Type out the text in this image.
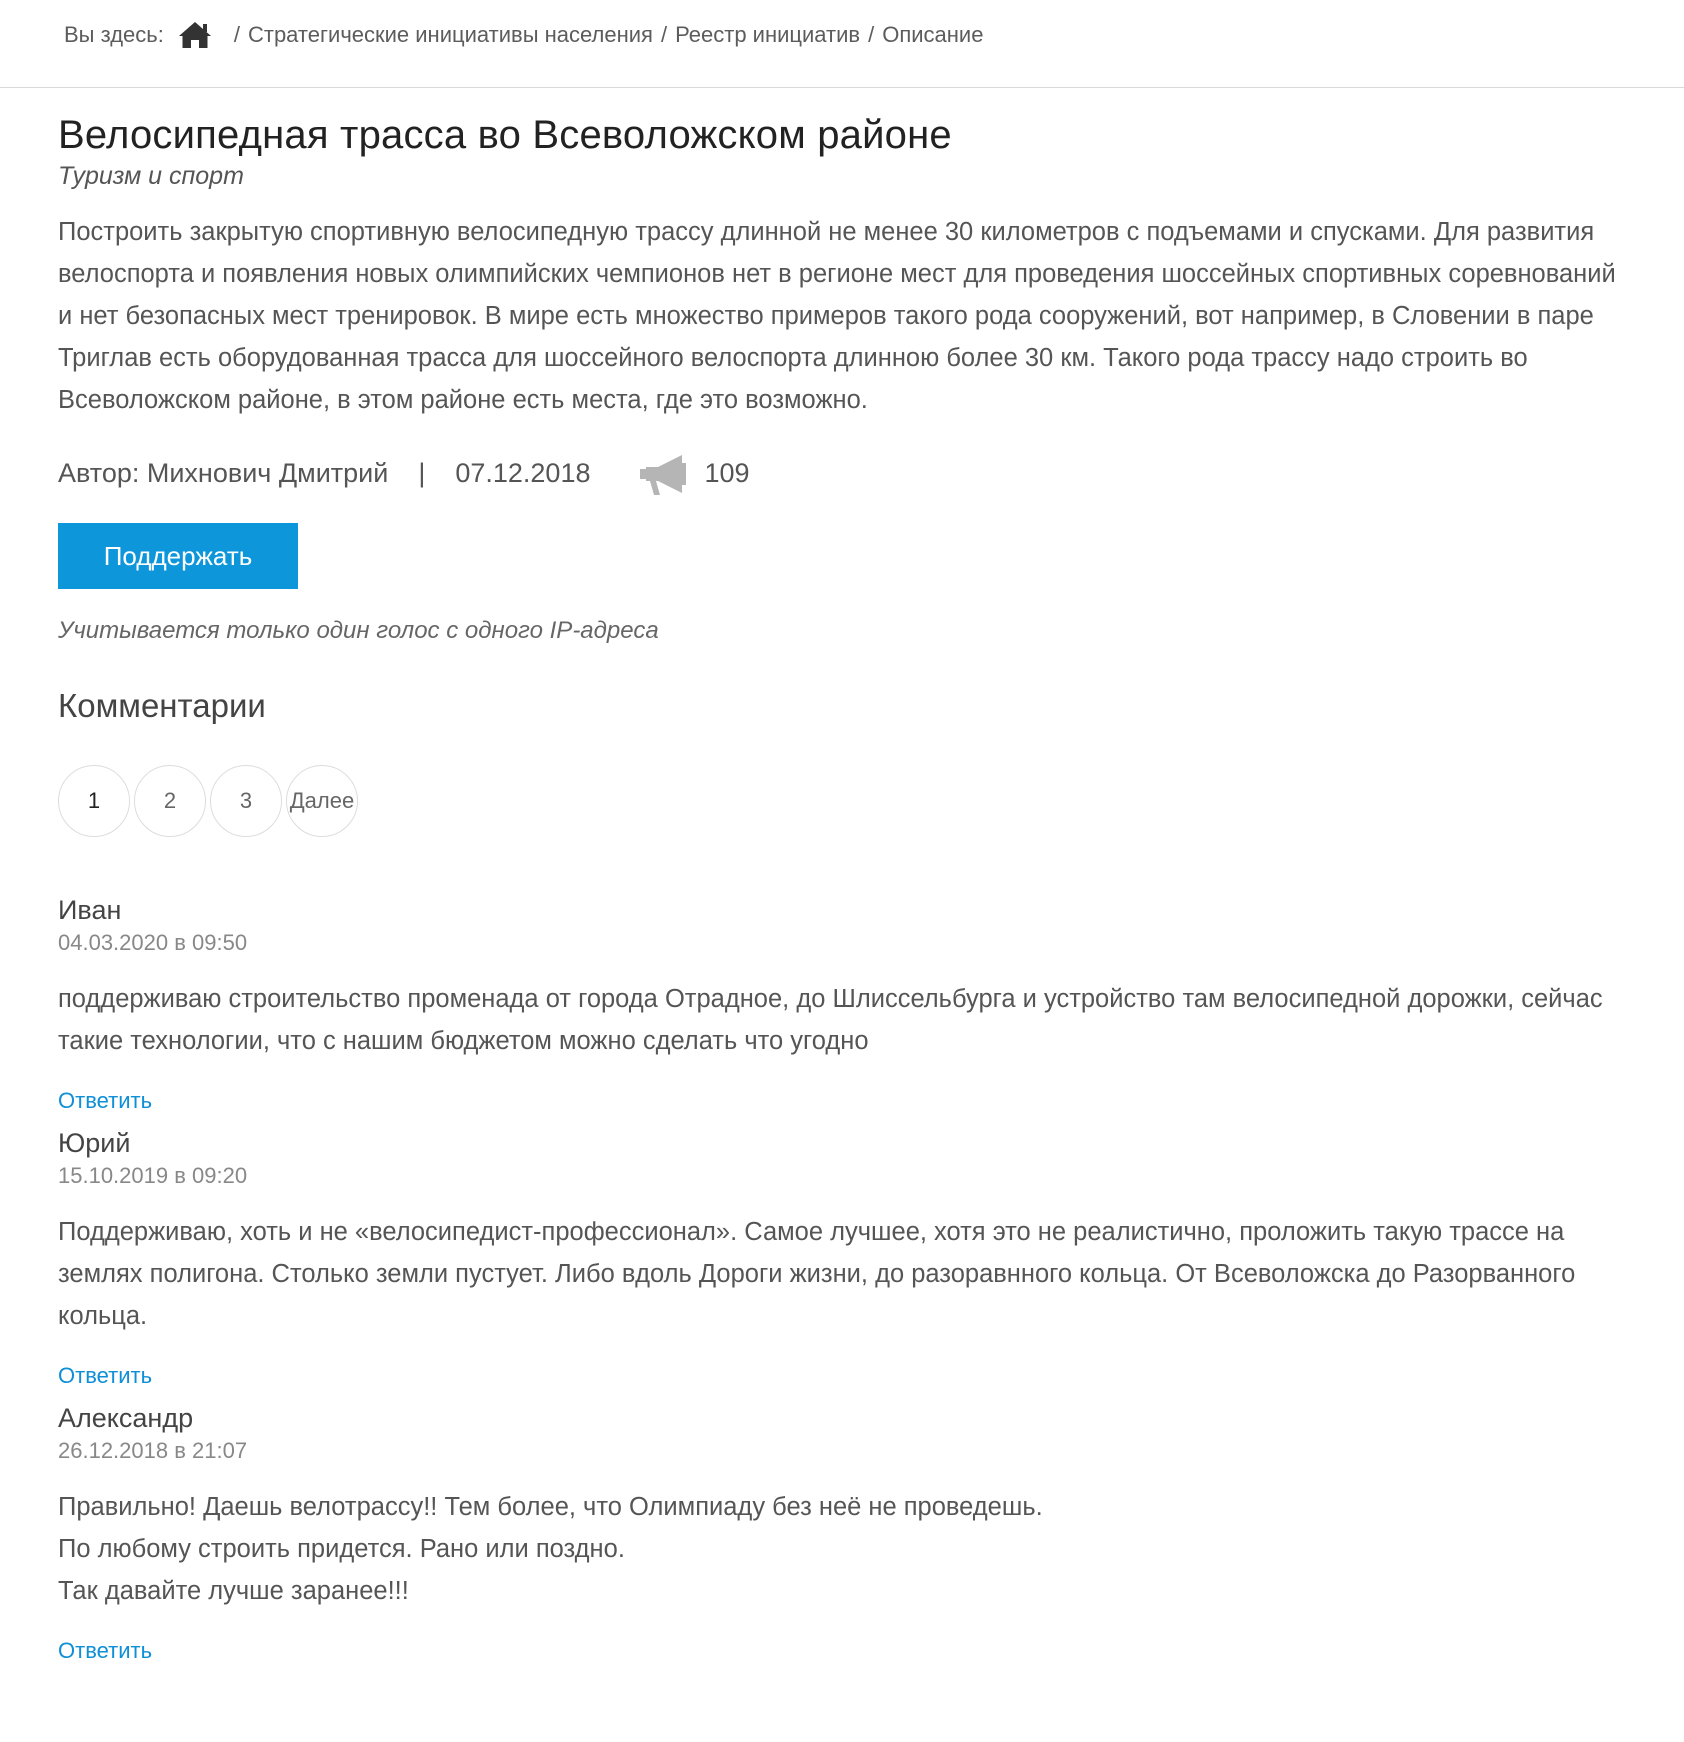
Вы здесь:	/ Стратегические инициативы населения / Реестр инициатив / Описание
Велосипедная трасса во Всеволожском районе
Туризм и спорт

Построить закрытую спортивную велосипедную трассу длинной не менее 30 километров с подъемами и спусками. Для развития велоспорта и появления новых олимпийских чемпионов нет в регионе мест для проведения шоссейных спортивных соревнований и нет безопасных мест тренировок. В мире есть множество примеров такого рода сооружений, вот например, в Словении в паре Триглав есть оборудованная трасса для шоссейного велоспорта длинною более 30 км. Такого рода трассу надо строить во Всеволожском районе, в этом районе есть места, где это возможно.

Автор: Михнович Дмитрий | 07.12.2018	109
Поддержать
Учитывается только один голос с одного IP-адреса
Комментарии
1	2	3	Далее
Иван
04.03.2020 в 09:50

поддерживаю строительство променада от города Отрадное, до Шлиссельбурга и устройство там велосипедной дорожки, сейчас такие технологии, что с нашим бюджетом можно сделать что угодно

Ответить
Юрий
15.10.2019 в 09:20

Поддерживаю, хоть и не «велосипедист-профессионал». Самое лучшее, хотя это не реалистично, проложить такую трассе на землях полигона. Столько земли пустует. Либо вдоль Дороги жизни, до разоравнного кольца. От Всеволожска до Разорванного кольца.

Ответить
Александр
26.12.2018 в 21:07

Правильно! Даешь велотрассу!! Тем более, что Олимпиаду без неё не проведешь.

По любому строить придется. Рано или поздно.

Так давайте лучше заранее!!!

Ответить
